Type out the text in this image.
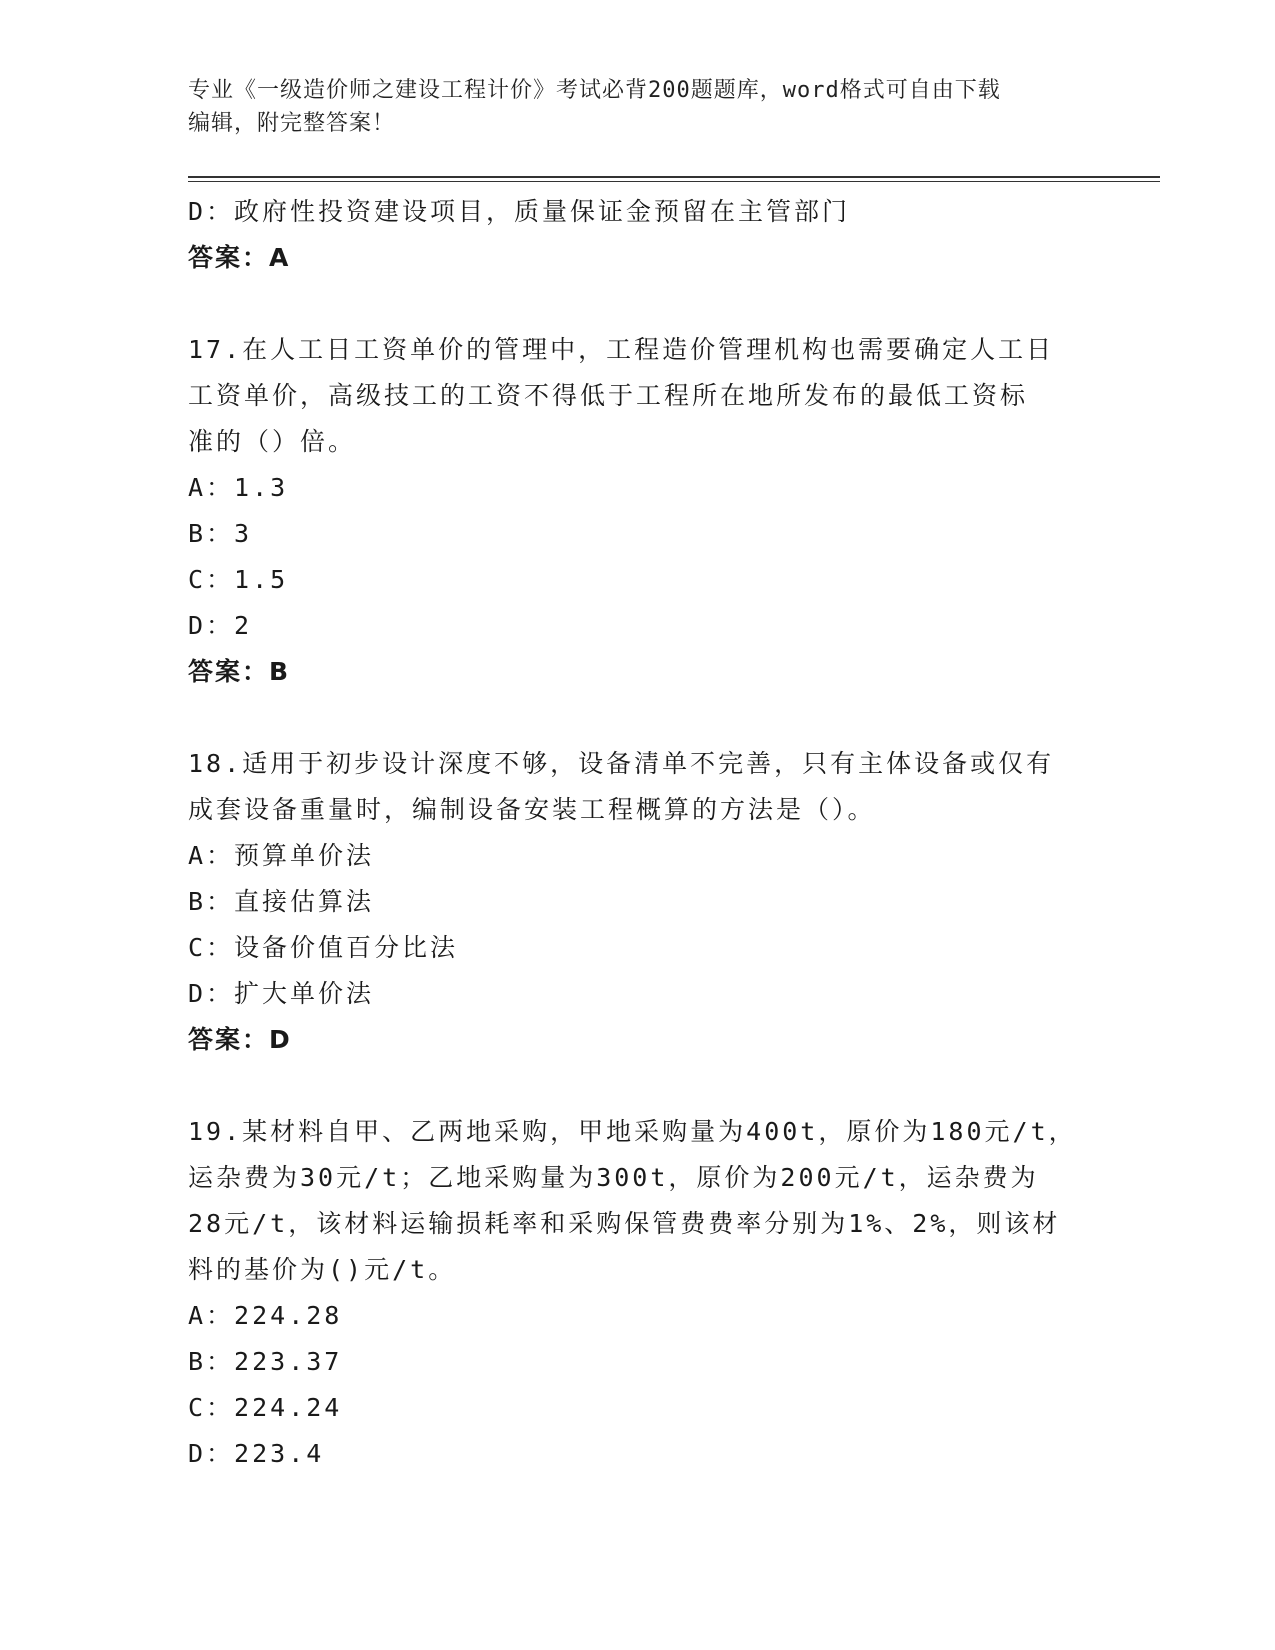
专业《一级造价师之建设工程计价》考试必背200题题库，word格式可自由下载
编辑，附完整答案！
D：政府性投资建设项目，质量保证金预留在主管部门
答案：A
17.在人工日工资单价的管理中，工程造价管理机构也需要确定人工日
工资单价，高级技工的工资不得低于工程所在地所发布的最低工资标
准的（）倍。
A：1.3
B：3
C：1.5
D：2
答案：B
18.适用于初步设计深度不够，设备清单不完善，只有主体设备或仅有
成套设备重量时，编制设备安装工程概算的方法是（）。
A：预算单价法
B：直接估算法
C：设备价值百分比法
D：扩大单价法
答案：D
19.某材料自甲、乙两地采购，甲地采购量为400t，原价为180元/t，
运杂费为30元/t；乙地采购量为300t，原价为200元/t，运杂费为
28元/t，该材料运输损耗率和采购保管费费率分别为1%、2%，则该材
料的基价为()元/t。
A：224.28
B：223.37
C：224.24
D：223.4
